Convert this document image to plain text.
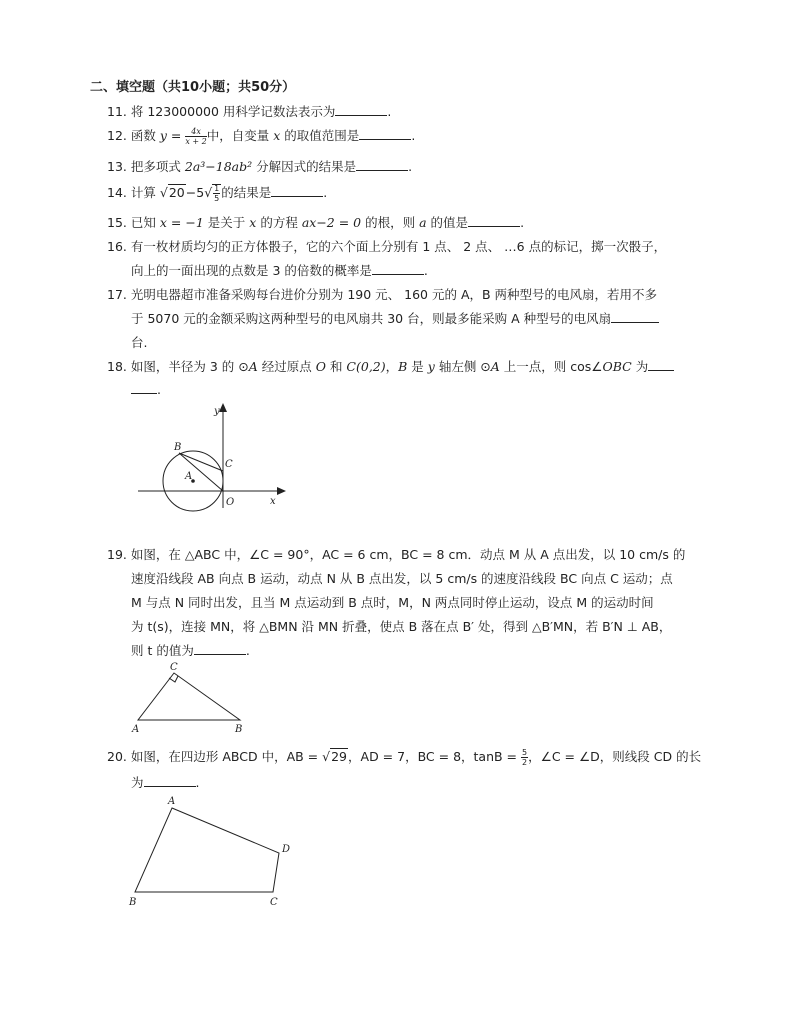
二、填空题（共10小题；共50分）
11. 将 123000000 用科学记数法表示为	.
12. 函数 $y = \frac{4x}{x + 2}$ 中，自变量 x 的取值范围是	.
13. 把多项式 2a³−18ab² 分解因式的结果是	.
14. 计算 $√20-5√ \frac{1}{5}$ 的结果是	.
15. 已知 x = −1 是关于 x 的方程 ax−2 = 0 的根，则 a 的值是	.
16. 有一枚材质均匀的正方体骰子，它的六个面上分别有 1 点、 2 点、 …6 点的标记，掷一次骰子，
向上的一面出现的点数是 3 的倍数的概率是	.
17. 光明电器超市准备采购每台进价分别为 190 元、 160 元的 A，B 两种型号的电风扇，若用不多
于 5070 元的金额采购这两种型号的电风扇共 30 台，则最多能采购 A 种型号的电风扇
台.
18. 如图，半径为 3 的 ⊙A 经过原点 O 和 C(0,2)，B 是 y 轴左侧 ⊙A 上一点，则 cos∠OBC 为
.
y
x
B
C
A
O
19. 如图，在 △ABC 中，∠C = 90°，AC = 6 cm，BC = 8 cm．动点 M 从 A 点出发，以 10 cm/s 的
速度沿线段 AB 向点 B 运动，动点 N 从 B 点出发，以 5 cm/s 的速度沿线段 BC 向点 C 运动；点
M 与点 N 同时出发，且当 M 点运动到 B 点时，M，N 两点同时停止运动，设点 M 的运动时间
为 t(s)，连接 MN，将 △BMN 沿 MN 折叠，使点 B 落在点 B′ 处，得到 △B′MN，若 B′N ⊥ AB，
则 t 的值为	.
C
A	B
20. 如图，在四边形 ABCD 中，AB = √29，AD = 7，BC = 8，$\tan B = \frac{5}{2}$ ，∠C = ∠D，则线段 CD 的长
为	.
A
D
C
B
